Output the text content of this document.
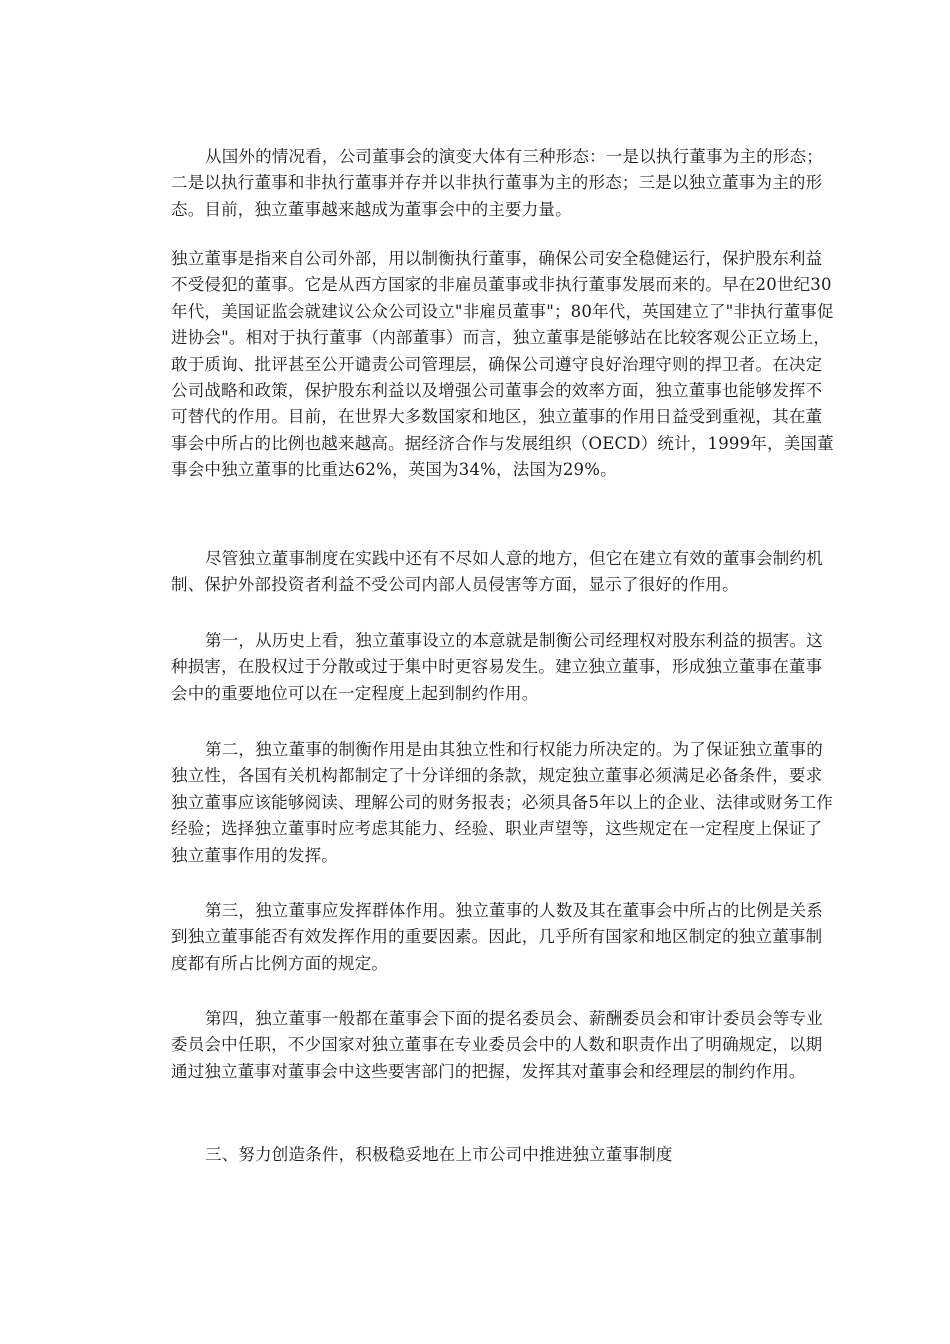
从国外的情况看，公司董事会的演变大体有三种形态：一是以执行董事为主的形态；二是以执行董事和非执行董事并存并以非执行董事为主的形态；三是以独立董事为主的形态。目前，独立董事越来越成为董事会中的主要力量。

独立董事是指来自公司外部，用以制衡执行董事，确保公司安全稳健运行，保护股东利益不受侵犯的董事。它是从西方国家的非雇员董事或非执行董事发展而来的。早在20世纪30年代，美国证监会就建议公众公司设立"非雇员董事"；80年代，英国建立了"非执行董事促进协会"。相对于执行董事（内部董事）而言，独立董事是能够站在比较客观公正立场上，敢于质询、批评甚至公开谴责公司管理层，确保公司遵守良好治理守则的捍卫者。在决定公司战略和政策，保护股东利益以及增强公司董事会的效率方面，独立董事也能够发挥不可替代的作用。目前，在世界大多数国家和地区，独立董事的作用日益受到重视，其在董事会中所占的比例也越来越高。据经济合作与发展组织（OECD）统计，1999年，美国董事会中独立董事的比重达62%，英国为34%，法国为29%。

尽管独立董事制度在实践中还有不尽如人意的地方，但它在建立有效的董事会制约机制、保护外部投资者利益不受公司内部人员侵害等方面，显示了很好的作用。

第一，从历史上看，独立董事设立的本意就是制衡公司经理权对股东利益的损害。这种损害，在股权过于分散或过于集中时更容易发生。建立独立董事，形成独立董事在董事会中的重要地位可以在一定程度上起到制约作用。

第二，独立董事的制衡作用是由其独立性和行权能力所决定的。为了保证独立董事的独立性，各国有关机构都制定了十分详细的条款，规定独立董事必须满足必备条件，要求独立董事应该能够阅读、理解公司的财务报表；必须具备5年以上的企业、法律或财务工作经验；选择独立董事时应考虑其能力、经验、职业声望等，这些规定在一定程度上保证了独立董事作用的发挥。

第三，独立董事应发挥群体作用。独立董事的人数及其在董事会中所占的比例是关系到独立董事能否有效发挥作用的重要因素。因此，几乎所有国家和地区制定的独立董事制度都有所占比例方面的规定。

第四，独立董事一般都在董事会下面的提名委员会、薪酬委员会和审计委员会等专业委员会中任职，不少国家对独立董事在专业委员会中的人数和职责作出了明确规定，以期通过独立董事对董事会中这些要害部门的把握，发挥其对董事会和经理层的制约作用。

三、努力创造条件，积极稳妥地在上市公司中推进独立董事制度
